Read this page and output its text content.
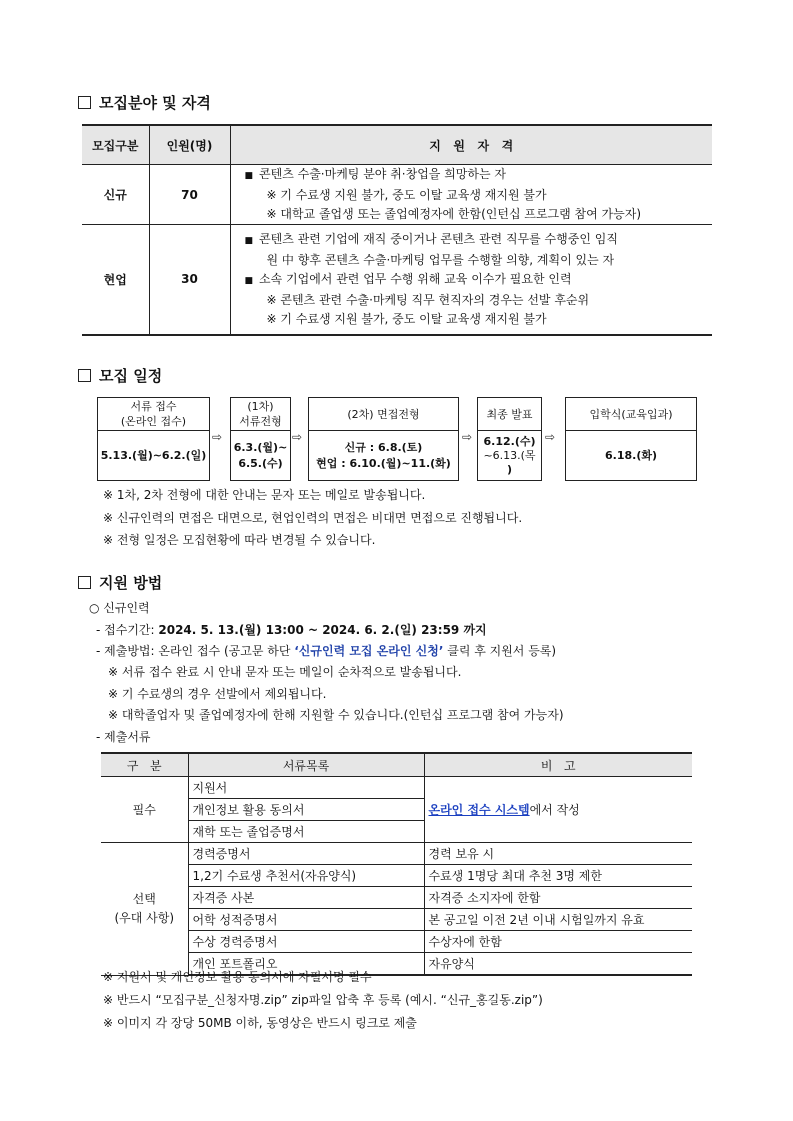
모집분야 및 자격
모집구분	인원(명)	지   원   자   격
신규	70	■ 콘텐츠 수출·마케팅 분야 취·창업을 희망하는 자
※ 기 수료생 지원 불가, 중도 이탈 교육생 재지원 불가
※ 대학교 졸업생 또는 졸업예정자에 한함(인턴십 프로그램 참여 가능자)

현업	30	■ 콘텐츠 관련 기업에 재직 중이거나 콘텐츠 관련 직무를 수행중인 임직
원 中 향후 콘텐츠 수출·마케팅 업무를 수행할 의향, 계획이 있는 자
■ 소속 기업에서 관련 업무 수행 위해 교육 이수가 필요한 인력
※ 콘텐츠 관련 수출·마케팅 직무 현직자의 경우는 선발 후순위
※ 기 수료생 지원 불가, 중도 이탈 교육생 재지원 불가
모집 일정
서류 접수
(온라인 접수)
5.13.(월)~6.2.(일)
⇨
(1차)
서류전형
6.3.(월)~
6.5.(수)
⇨
(2차) 면접전형
신규 : 6.8.(토)
현업 : 6.10.(월)~11.(화)
⇨
최종 발표
6.12.(수)
~6.13.(목
)
⇨
입학식(교육입과)
6.18.(화)
※ 1차, 2차 전형에 대한 안내는 문자 또는 메일로 발송됩니다.
※ 신규인력의 면접은 대면으로, 현업인력의 면접은 비대면 면접으로 진행됩니다.
※ 전형 일정은 모집현황에 따라 변경될 수 있습니다.
지원 방법
○ 신규인력
- 접수기간: 2024. 5. 13.(월) 13:00 ~ 2024. 6. 2.(일) 23:59 까지
- 제출방법: 온라인 접수 (공고문 하단 ‘신규인력 모집 온라인 신청’ 클릭 후 지원서 등록)
※ 서류 접수 완료 시 안내 문자 또는 메일이 순차적으로 발송됩니다.
※ 기 수료생의 경우 선발에서 제외됩니다.
※ 대학졸업자 및 졸업예정자에 한해 지원할 수 있습니다.(인턴십 프로그램 참여 가능자)
- 제출서류
구   분	서류목록	비   고
필수	지원서	온라인 접수 시스템에서 작성
	개인정보 활용 동의서	
	재학 또는 졸업증명서	

선택
(우대 사항)	경력증명서	경력 보유 시
	1,2기 수료생 추천서(자유양식)	수료생 1명당 최대 추천 3명 제한
	자격증 사본	자격증 소지자에 한함
	어학 성적증명서	본 공고일 이전 2년 이내 시험일까지 유효
	수상 경력증명서	수상자에 한함
	개인 포트폴리오	자유양식
※ 지원서 및 개인정보 활용 동의서에 자필서명 필수
※ 반드시 “모집구분_신청자명.zip” zip파일 압축 후 등록 (예시. “신규_홍길동.zip”)
※ 이미지 각 장당 50MB 이하, 동영상은 반드시 링크로 제출
